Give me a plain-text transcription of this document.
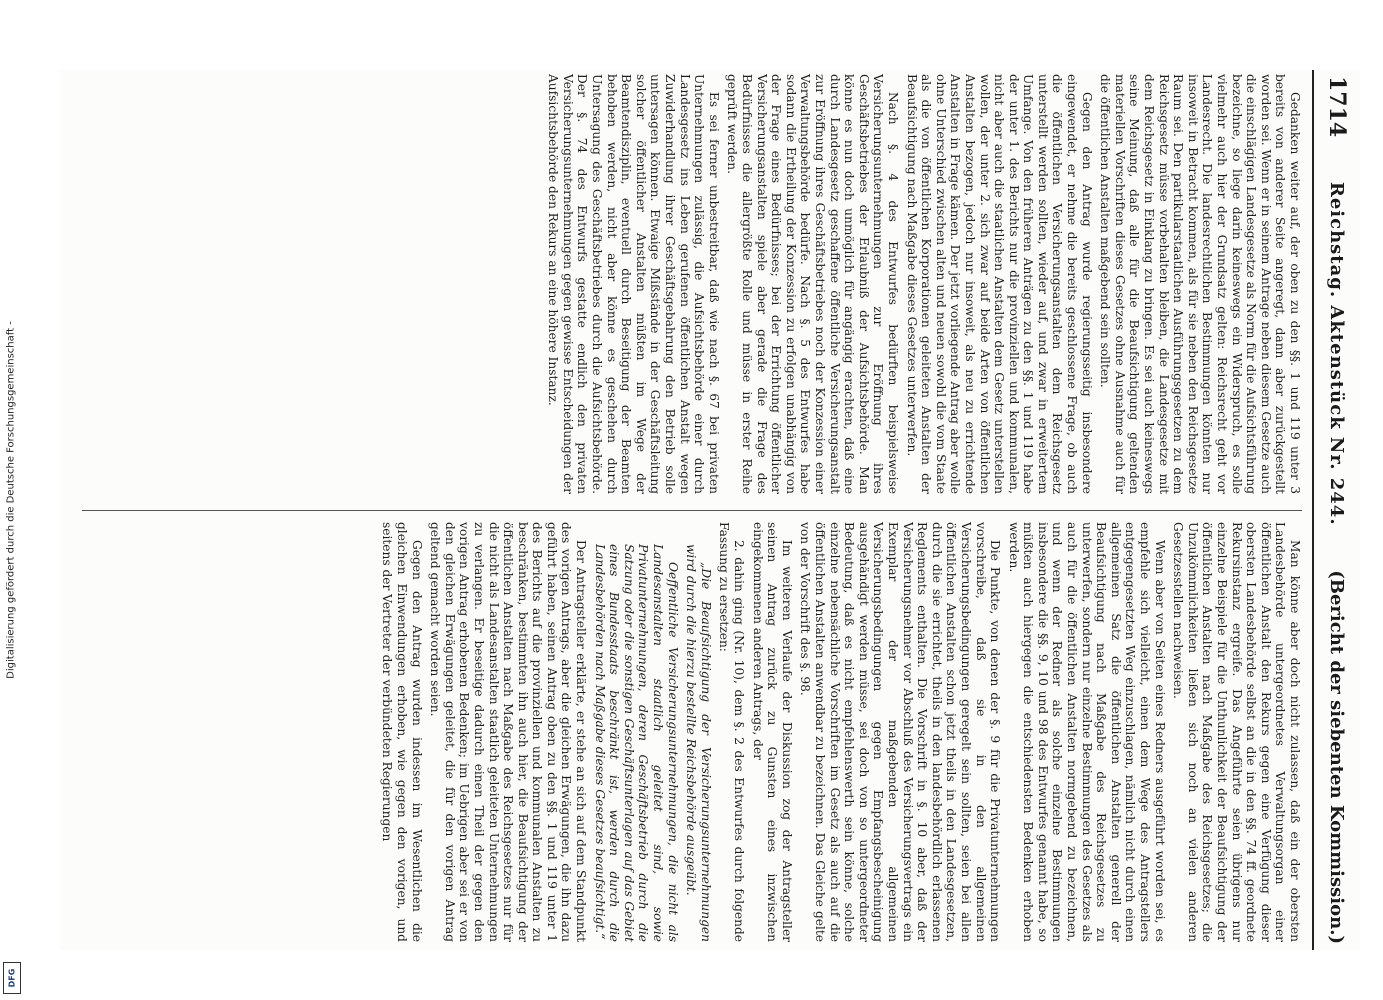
Digitalisierung gefördert durch die Deutsche Forschungsgemeinschaft -
DFG
1714
Reichstag. Aktenstück Nr. 244.
(Bericht der siebenten Kommission.)

Gedanken weiter auf, der oben zu den §§. 1 und 119 unter 3 bereits von anderer Seite angeregt, dann aber zurückgestellt worden sei. Wenn er in seinem Antrage neben diesem Gesetze auch die einschlägigen Landesgesetze als Norm für die Aufsichtsführung bezeichne, so liege darin keineswegs ein Widerspruch, es solle vielmehr auch hier der Grundsatz gelten: Reichsrecht geht vor Landesrecht. Die landesrechtlichen Bestimmungen könnten nur insoweit in Betracht kommen, als für sie neben den Reichsgesetze Raum sei. Den partikularstaatlichen Ausführungsgesetzen zu dem Reichsgesetz müsse vorbehalten bleiben, die Landesgesetze mit dem Reichsgesetz in Einklang zu bringen. Es sei auch keineswegs seine Meinung, daß alle für die Beaufsichtigung geltenden materiellen Vorschriften dieses Gesetzes ohne Ausnahme auch für die öffentlichen Anstalten maßgebend sein sollten.

Gegen den Antrag wurde regierungsseitig insbesondere eingewendet, er nehme die bereits geschlossene Frage, ob auch die öffentlichen Versicherungsanstalten dem Reichsgesetz unterstellt werden sollten, wieder auf, und zwar in erweitertem Umfange. Von den früheren Anträgen zu den §§. 1 und 119 habe der unter 1. des Berichts nur die provinziellen und kommunalen, nicht aber auch die staatlichen Anstalten dem Gesetz unterstellen wollen, der unter 2. sich zwar auf beide Arten von öffentlichen Anstalten bezogen, jedoch nur insoweit, als neu zu errichtende Anstalten in Frage kämen. Der jetzt vorliegende Antrag aber wolle ohne Unterschied zwischen alten und neuen sowohl die vom Staate als die von öffentlichen Korporationen geleiteten Anstalten der Beaufsichtigung nach Maßgabe dieses Gesetzes unterwerfen.

Nach §. 4 des Entwurfes bedürften beispielsweise Versicherungsunternehmungen zur Eröffnung ihres Geschäftsbetriebes der Erlaubniß der Aufsichtsbehörde. Man könne es nun doch unmöglich für angängig erachten, daß eine durch Landesgesetz geschaffene öffentliche Versicherungsanstalt zur Eröffnung ihres Geschäftsbetriebes noch der Konzession einer Verwaltungsbehörde bedürfe. Nach §. 5 des Entwurfes habe sodann die Ertheilung der Konzession zu erfolgen unabhängig von der Frage eines Bedürfnisses; bei der Errichtung öffentlicher Versicherungsanstalten spiele aber gerade die Frage des Bedürfnisses die allergrößte Rolle und müsse in erster Reihe geprüft werden.

Es sei ferner unbestreitbar, daß wie nach §. 67 bei privaten Unternehmungen zulässig, die Aufsichtsbehörde einer durch Landesgesetz ins Leben gerufenen öffentlichen Anstalt wegen Zuwiderhandlung ihrer Geschäftsgebahrung den Betrieb solle untersagen können. Etwaige Mißstände in der Geschäftsleitung solcher öffentlicher Anstalten müßten im Wege der Beamtendisziplin, eventuell durch Beseitigung der Beamten behoben werden, nicht aber könne es geschehen durch Untersagung des Geschäftsbetriebes durch die Aufsichtsbehörde. Der §. 74 des Entwurfs gestatte endlich den privaten Versicherungsunternehmungen gegen gewisse Entscheidungen der Aufsichtsbehörde den Rekurs an eine höhere Instanz.

Man könne aber doch nicht zulassen, daß ein der obersten Landesbehörde untergeordnetes Verwaltungsorgan einer öffentlichen Anstalt den Rekurs gegen eine Verfügung dieser obersten Landesbehörde selbst an die in den §§. 74 ff. geordnete Rekursinstanz ergreife. Das Angeführte seien übrigens nur einzelne Beispiele für die Unthunlichkeit der Beaufsichtigung der öffentlichen Anstalten nach Maßgabe des Reichsgesetzes; die Unzukömmlichkeiten ließen sich noch an vielen anderen Gesetzesstellen nachweisen.

Wenn aber von Seiten eines Redners ausgeführt worden sei, es empfehle sich vielleicht, einen dem Wege des Antragstellers entgegengesetzten Weg einzuschlagen, nämlich nicht durch einen allgemeinen Satz die öffentlichen Anstalten generell der Beaufsichtigung nach Maßgabe des Reichsgesetzes zu unterwerfen, sondern nur einzelne Bestimmungen des Gesetzes als auch für die öffentlichen Anstalten normgebend zu bezeichnen, und wenn der Redner als solche einzelne Bestimmungen insbesondere die §§. 9, 10 und 98 des Entwurfes genannt habe, so müßten auch hiergegen die entschiedensten Bedenken erhoben werden.

Die Punkte, von denen der §. 9 für die Privatunternehmungen vorschreibe, daß sie in den allgemeinen Versicherungsbedingungen geregelt sein sollten, seien bei allen öffentlichen Anstalten schon jetzt theils in den Landesgesetzen, durch die sie errichtet, theils in den landesbehördlich erlassenen Reglements enthalten. Die Vorschrift in §. 10 aber, daß der Versicherungsnehmer vor Abschluß des Versicherungsvertrags ein Exemplar der maßgebenden allgemeinen Versicherungsbedingungen gegen Empfangsbescheinigung ausgehändigt werden müsse, sei doch von so untergeordneter Bedeutung, daß es nicht empfehlenswerth sein könne, solche einzelne nebensächliche Vorschriften im Gesetz als auch auf die öffentlichen Anstalten anwendbar zu bezeichnen. Das Gleiche gelte von der Vorschrift des §. 98.

Im weiteren Verlaufe der Diskussion zog der Antragsteller seinen Antrag zurück zu Gunsten eines inzwischen eingekommenen anderen Antrags, der

2. dahin ging (Nr. 10), dem §. 2 des Entwurfes durch folgende Fassung zu ersetzen:

„Die Beaufsichtigung der Versicherungsunternehmungen wird durch die hierzu bestellte Reichsbehörde ausgeübt.

Oeffentliche Versicherungsunternehmungen, die nicht als Landesanstalten staatlich geleitet sind, sowie Privatunternehmungen, deren Geschäftsbetrieb durch die Satzung oder die sonstigen Geschäftsunterlagen auf das Gebiet eines Bundesstaats beschränkt ist, werden durch die Landesbehörden nach Maßgabe dieses Gesetzes beaufsichtigt.“

Der Antragsteller erklärte, er stehe an sich auf dem Standpunkt des vorigen Antrags, aber die gleichen Erwägungen, die ihn dazu geführt haben, seinen Antrag oben zu den §§. 1 und 119 unter 1 des Berichts auf die provinziellen und kommunalen Anstalten zu beschränken, bestimmten ihn auch hier, die Beaufsichtigung der öffentlichen Anstalten nach Maßgabe des Reichsgesetzes nur für die nicht als Landesanstalten staatlich geleiteten Unternehmungen zu verlangen. Er beseitige dadurch einen Theil der gegen den vorigen Antrag erhobenen Bedenken; im Uebrigen aber sei er von den gleichen Erwägungen geleitet, die für den vorigen Antrag geltend gemacht worden seien.

Gegen den Antrag wurden indessen im Wesentlichen die gleichen Einwendungen erhoben, wie gegen den vorigen, und seitens der Vertreter der verbündeten Regierungen
